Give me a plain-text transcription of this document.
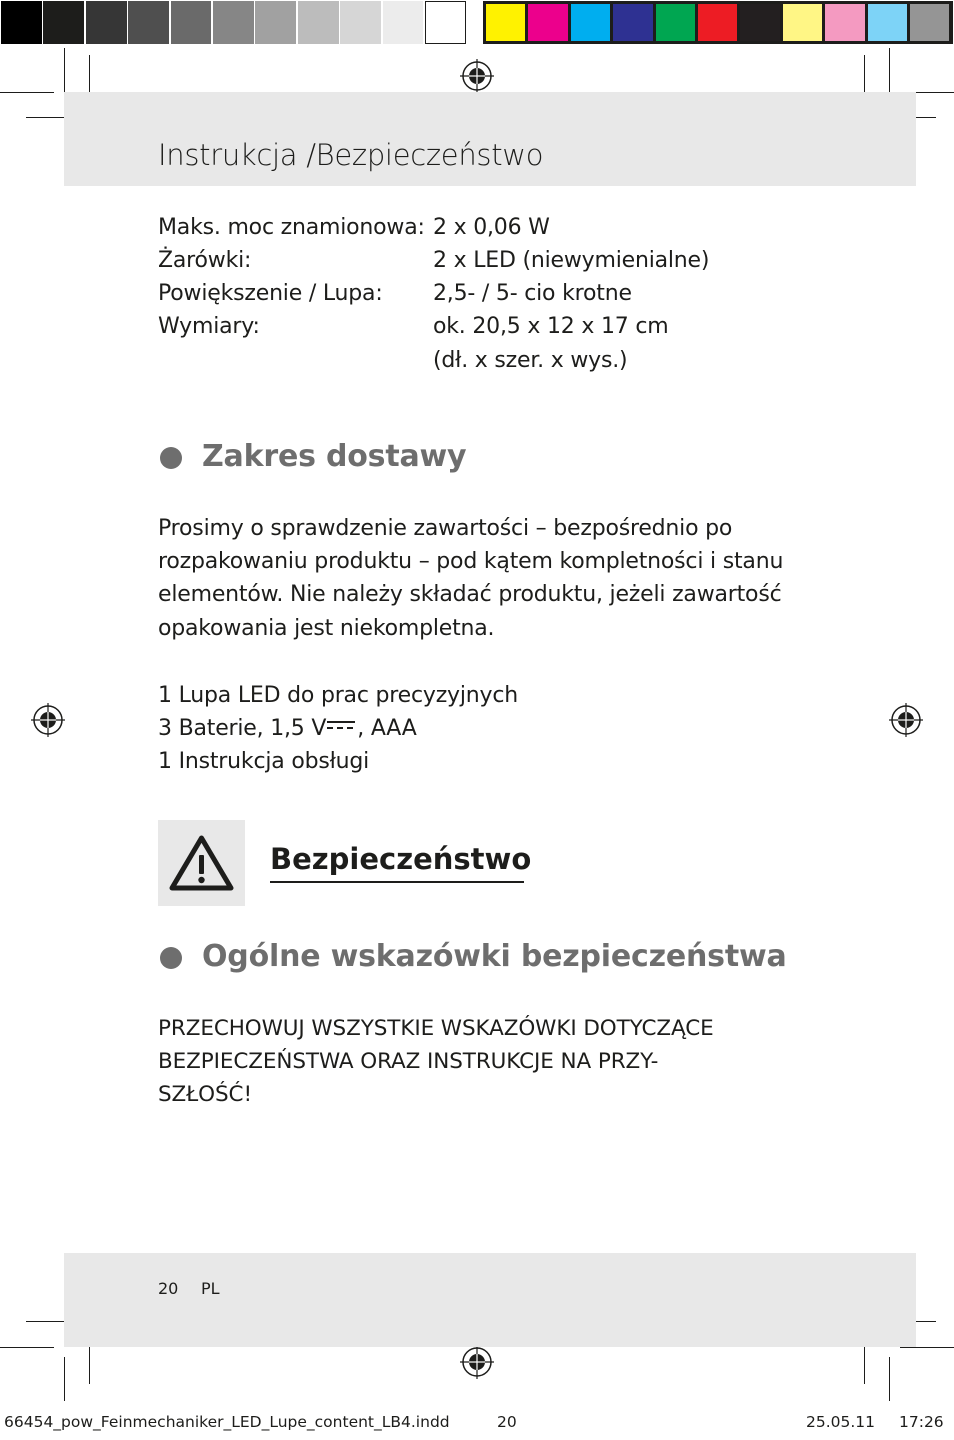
Instrukcja /Bezpieczeństwo
Maks. moc znamionowa: 2 x 0,06 W
Żarówki:	2 x LED (niewymienialne)
Powiększenie / Lupa: 2,5- / 5- cio krotne
Wymiary:	ok. 20,5 x 12 x 17 cm
(dł. x szer. x wys.)
Zakres dostawy
Prosimy o sprawdzenie zawartości – bezpośrednio po
rozpakowaniu produktu – pod kątem kompletności i stanu
elementów. Nie należy składać produktu, jeżeli zawartość
opakowania jest niekompletna.
1 Lupa LED do prac precyzyjnych
3 Baterie, 1,5 V , AAA
1 Instrukcja obsługi
Bezpieczeństwo
Ogólne wskazówki bezpieczeństwa
PRZECHOWUJ WSZYSTKIE WSKAZÓWKI DOTYCZĄCE
BEZPIECZEŃSTWA ORAZ INSTRUKCJE NA PRZY-
SZŁOŚĆ!
20 PL
66454_pow_Feinmechaniker_LED_Lupe_content_LB4.indd	20	25.05.11 17:26
